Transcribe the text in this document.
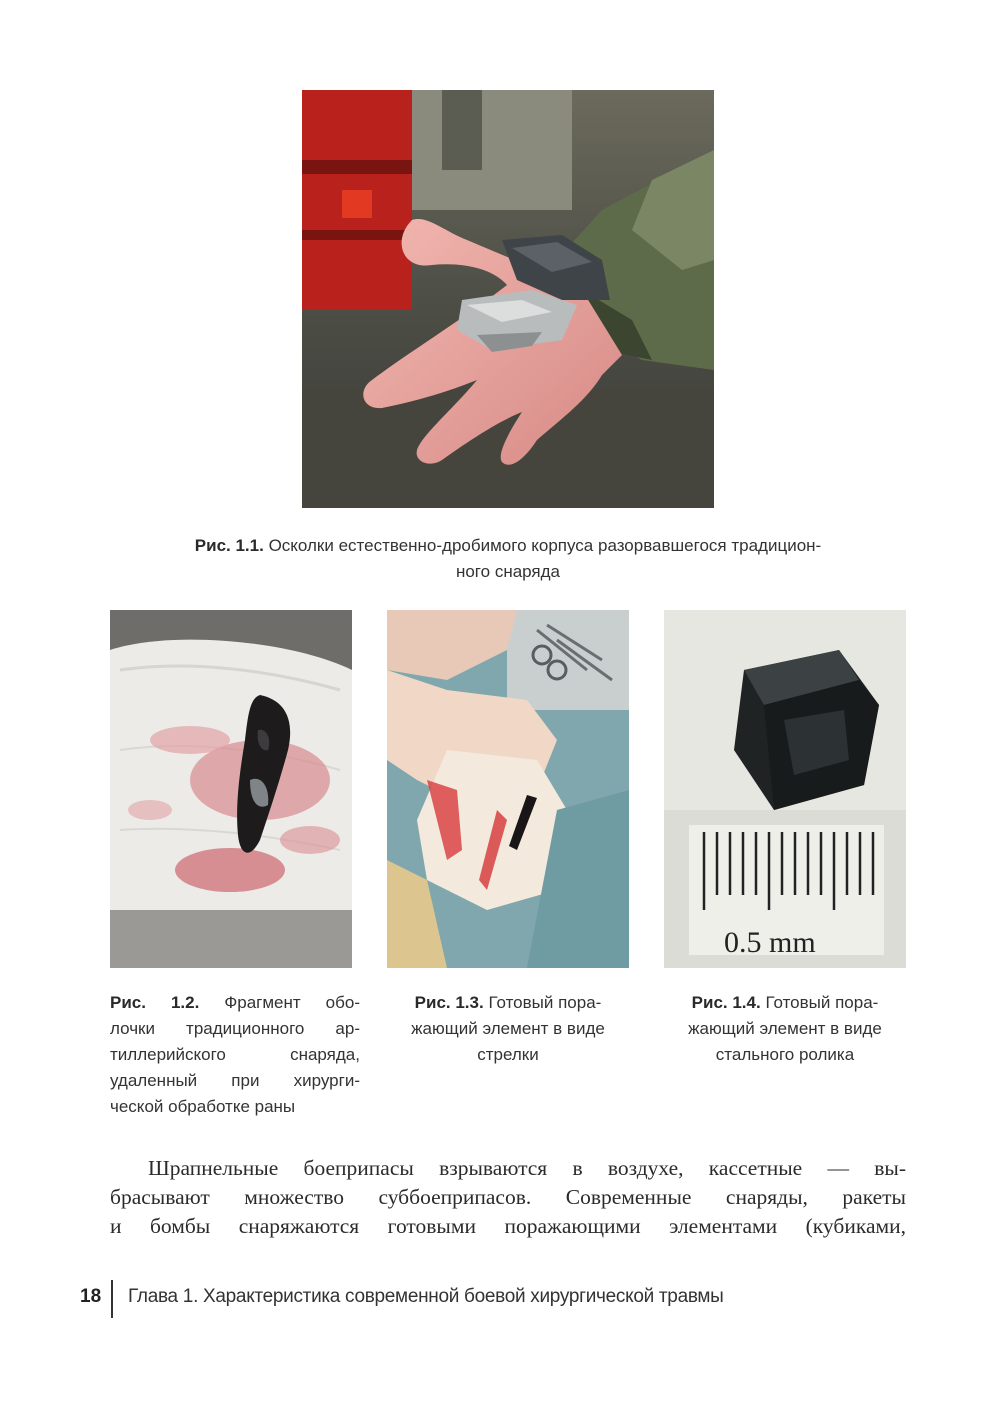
Рис. 1.1. Осколки естественно-дробимого корпуса разорвавшегося традицион-
ного снаряда
Рис. 1.2. Фрагмент обо-
лочки традиционного ар-
тиллерийского снаряда,
удаленный при хирурги-
ческой обработке раны
Рис. 1.3. Готовый пора-
жающий элемент в виде
стрелки
0.5 mm
Рис. 1.4. Готовый пора-
жающий элемент в виде
стального ролика
Шрапнельные боеприпасы взрываются в воздухе, кассетные — вы-
брасывают множество суббоеприпасов. Современные снаряды, ракеты
и бомбы снаряжаются готовыми поражающими элементами (кубиками,
18 Глава 1. Характеристика современной боевой хирургической травмы
